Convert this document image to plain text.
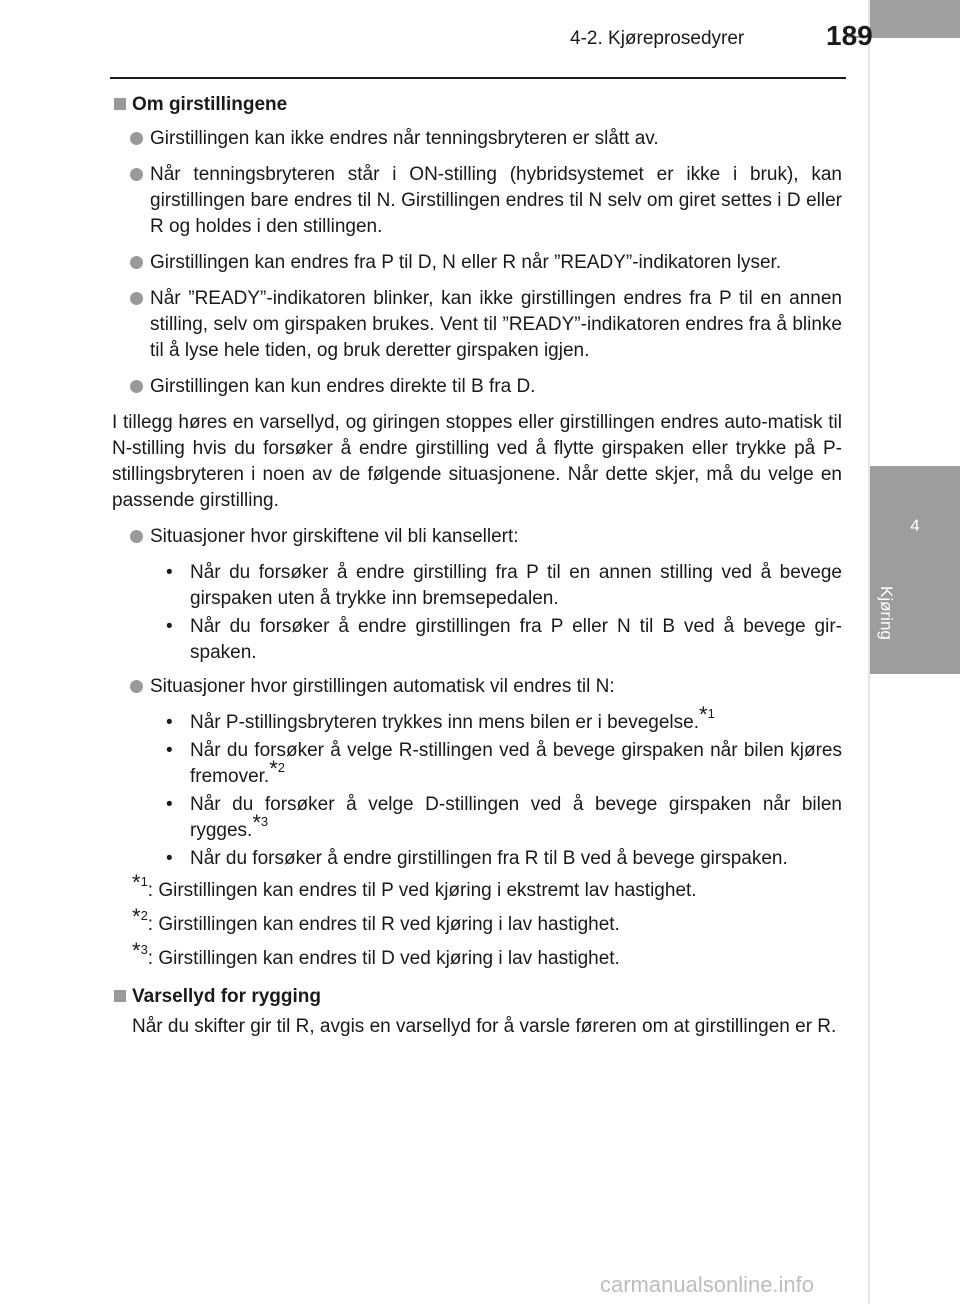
4-2. Kjøreprosedyrer	189
4
Kjøring
Om girstillingene
Girstillingen kan ikke endres når tenningsbryteren er slått av.
Når tenningsbryteren står i ON-stilling (hybridsystemet er ikke i bruk), kan girstillingen bare endres til N. Girstillingen endres til N selv om giret settes i D eller R og holdes i den stillingen.
Girstillingen kan endres fra P til D, N eller R når ”READY”-indikatoren lyser.
Når ”READY”-indikatoren blinker, kan ikke girstillingen endres fra P til en annen stilling, selv om girspaken brukes. Vent til ”READY”-indikatoren endres fra å blinke til å lyse hele tiden, og bruk deretter girspaken igjen.
Girstillingen kan kun endres direkte til B fra D.
I tillegg høres en varsellyd, og giringen stoppes eller girstillingen endres auto-matisk til N-stilling hvis du forsøker å endre girstilling ved å flytte girspaken eller trykke på P-stillingsbryteren i noen av de følgende situasjonene. Når dette skjer, må du velge en passende girstilling.
Situasjoner hvor girskiftene vil bli kansellert:
• Når du forsøker å endre girstilling fra P til en annen stilling ved å bevege girspaken uten å trykke inn bremsepedalen.
• Når du forsøker å endre girstillingen fra P eller N til B ved å bevege gir-spaken.
Situasjoner hvor girstillingen automatisk vil endres til N:
• Når P-stillingsbryteren trykkes inn mens bilen er i bevegelse.*$^1$
• Når du forsøker å velge R-stillingen ved å bevege girspaken når bilen kjøres fremover.*$^2$
• Når du forsøker å velge D-stillingen ved å bevege girspaken når bilen rygges.*$^3$
• Når du forsøker å endre girstillingen fra R til B ved å bevege girspaken.
*$^1$: Girstillingen kan endres til P ved kjøring i ekstremt lav hastighet.
*$^2$: Girstillingen kan endres til R ved kjøring i lav hastighet.
*$^3$: Girstillingen kan endres til D ved kjøring i lav hastighet.
Varsellyd for rygging
Når du skifter gir til R, avgis en varsellyd for å varsle føreren om at girstillingen er R.
carmanualsonline.info
